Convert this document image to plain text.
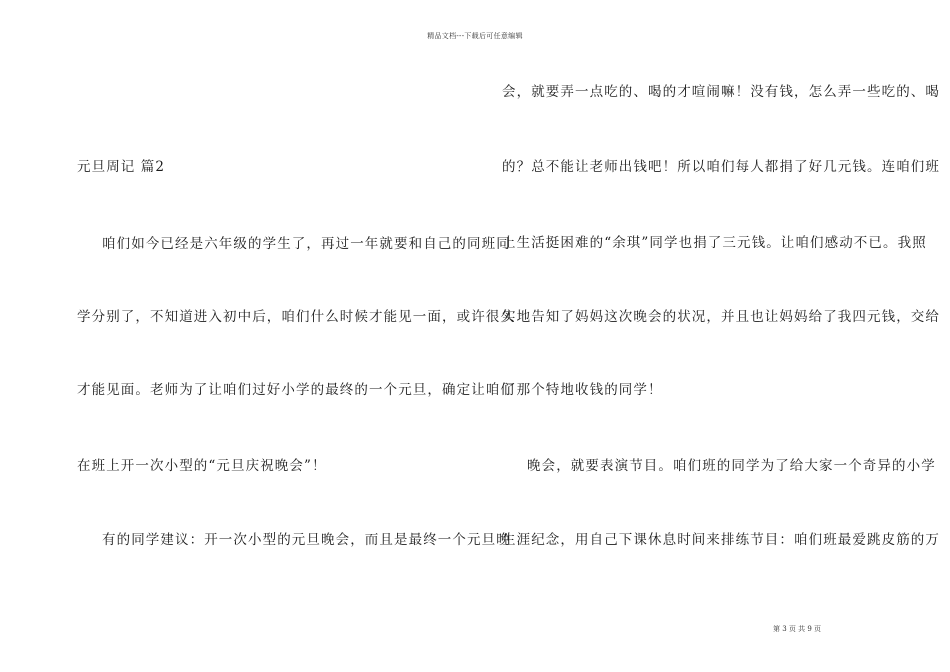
精品文档---下载后可任意编辑
元旦周记 篇2
咱们如今已经是六年级的学生了，再过一年就要和自己的同班同
学分别了，不知道进入初中后，咱们什么时候才能见一面，或许很久
才能见面。老师为了让咱们过好小学的最终的一个元旦，确定让咱们
在班上开一次小型的“元旦庆祝晚会”！
有的同学建议：开一次小型的元旦晚会，而且是最终一个元旦晚
会，就要弄一点吃的、喝的才喧闹嘛！没有钱，怎么弄一些吃的、喝
的？总不能让老师出钱吧！所以咱们每人都捐了好几元钱。连咱们班
上生活挺困难的“余琪”同学也捐了三元钱。让咱们感动不已。我照
实地告知了妈妈这次晚会的状况，并且也让妈妈给了我四元钱，交给
了那个特地收钱的同学！
晚会，就要表演节目。咱们班的同学为了给大家一个奇异的小学
生涯纪念，用自己下课休息时间来排练节目：咱们班最爱跳皮筋的万
第 3 页 共 9 页
